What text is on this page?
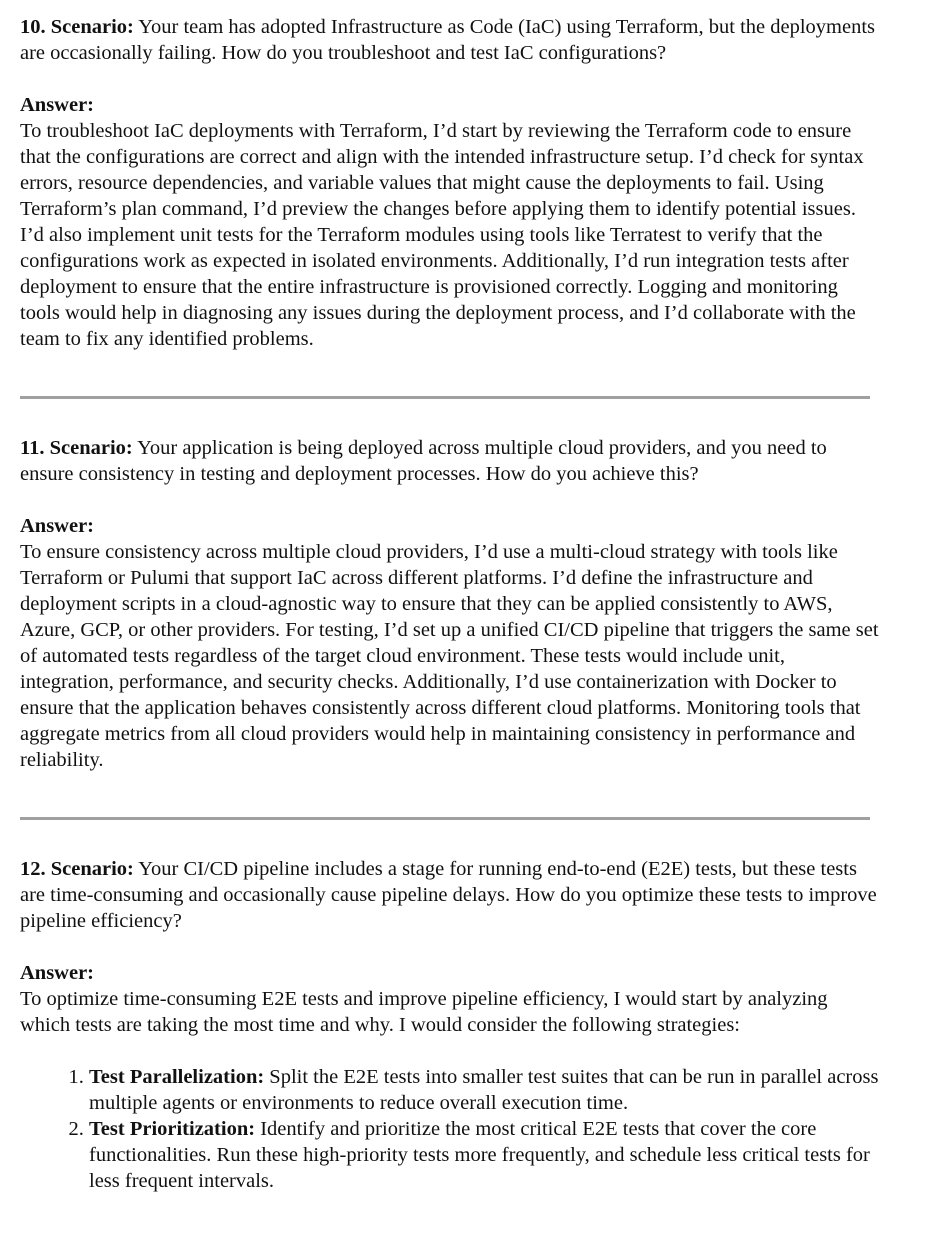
10. Scenario: Your team has adopted Infrastructure as Code (IaC) using Terraform, but the deployments are occasionally failing. How do you troubleshoot and test IaC configurations?

Answer:

To troubleshoot IaC deployments with Terraform, I’d start by reviewing the Terraform code to ensure that the configurations are correct and align with the intended infrastructure setup. I’d check for syntax errors, resource dependencies, and variable values that might cause the deployments to fail. Using Terraform’s plan command, I’d preview the changes before applying them to identify potential issues. I’d also implement unit tests for the Terraform modules using tools like Terratest to verify that the configurations work as expected in isolated environments. Additionally, I’d run integration tests after deployment to ensure that the entire infrastructure is provisioned correctly. Logging and monitoring tools would help in diagnosing any issues during the deployment process, and I’d collaborate with the team to fix any identified problems.

11. Scenario: Your application is being deployed across multiple cloud providers, and you need to ensure consistency in testing and deployment processes. How do you achieve this?

Answer:

To ensure consistency across multiple cloud providers, I’d use a multi-cloud strategy with tools like Terraform or Pulumi that support IaC across different platforms. I’d define the infrastructure and deployment scripts in a cloud-agnostic way to ensure that they can be applied consistently to AWS, Azure, GCP, or other providers. For testing, I’d set up a unified CI/CD pipeline that triggers the same set of automated tests regardless of the target cloud environment. These tests would include unit, integration, performance, and security checks. Additionally, I’d use containerization with Docker to ensure that the application behaves consistently across different cloud platforms. Monitoring tools that aggregate metrics from all cloud providers would help in maintaining consistency in performance and reliability.

12. Scenario: Your CI/CD pipeline includes a stage for running end-to-end (E2E) tests, but these tests are time-consuming and occasionally cause pipeline delays. How do you optimize these tests to improve pipeline efficiency?

Answer:

To optimize time-consuming E2E tests and improve pipeline efficiency, I would start by analyzing which tests are taking the most time and why. I would consider the following strategies:

1. Test Parallelization: Split the E2E tests into smaller test suites that can be run in parallel across multiple agents or environments to reduce overall execution time.
2. Test Prioritization: Identify and prioritize the most critical E2E tests that cover the core functionalities. Run these high-priority tests more frequently, and schedule less critical tests for less frequent intervals.
